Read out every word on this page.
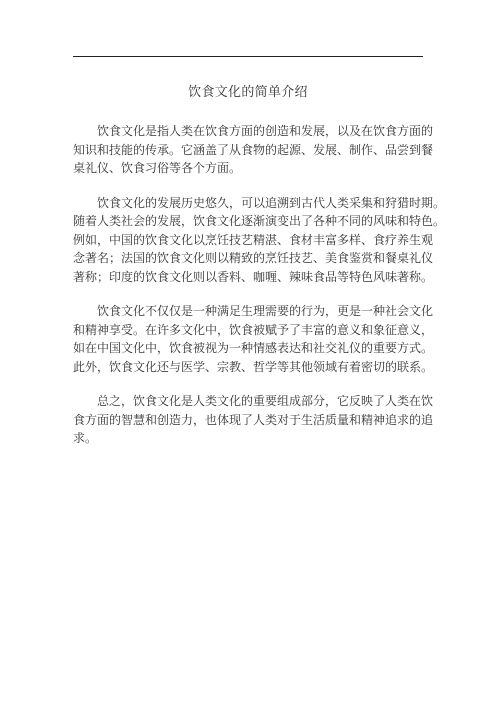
饮食文化的简单介绍

饮食文化是指人类在饮食方面的创造和发展，以及在饮食方面的
知识和技能的传承。它涵盖了从食物的起源、发展、制作、品尝到餐
桌礼仪、饮食习俗等各个方面。

饮食文化的发展历史悠久，可以追溯到古代人类采集和狩猎时期。
随着人类社会的发展，饮食文化逐渐演变出了各种不同的风味和特色。
例如，中国的饮食文化以烹饪技艺精湛、食材丰富多样、食疗养生观
念著名；法国的饮食文化则以精致的烹饪技艺、美食鉴赏和餐桌礼仪
著称；印度的饮食文化则以香料、咖喱、辣味食品等特色风味著称。

饮食文化不仅仅是一种满足生理需要的行为，更是一种社会文化
和精神享受。在许多文化中，饮食被赋予了丰富的意义和象征意义，
如在中国文化中，饮食被视为一种情感表达和社交礼仪的重要方式。
此外，饮食文化还与医学、宗教、哲学等其他领域有着密切的联系。

总之，饮食文化是人类文化的重要组成部分，它反映了人类在饮
食方面的智慧和创造力，也体现了人类对于生活质量和精神追求的追
求。
